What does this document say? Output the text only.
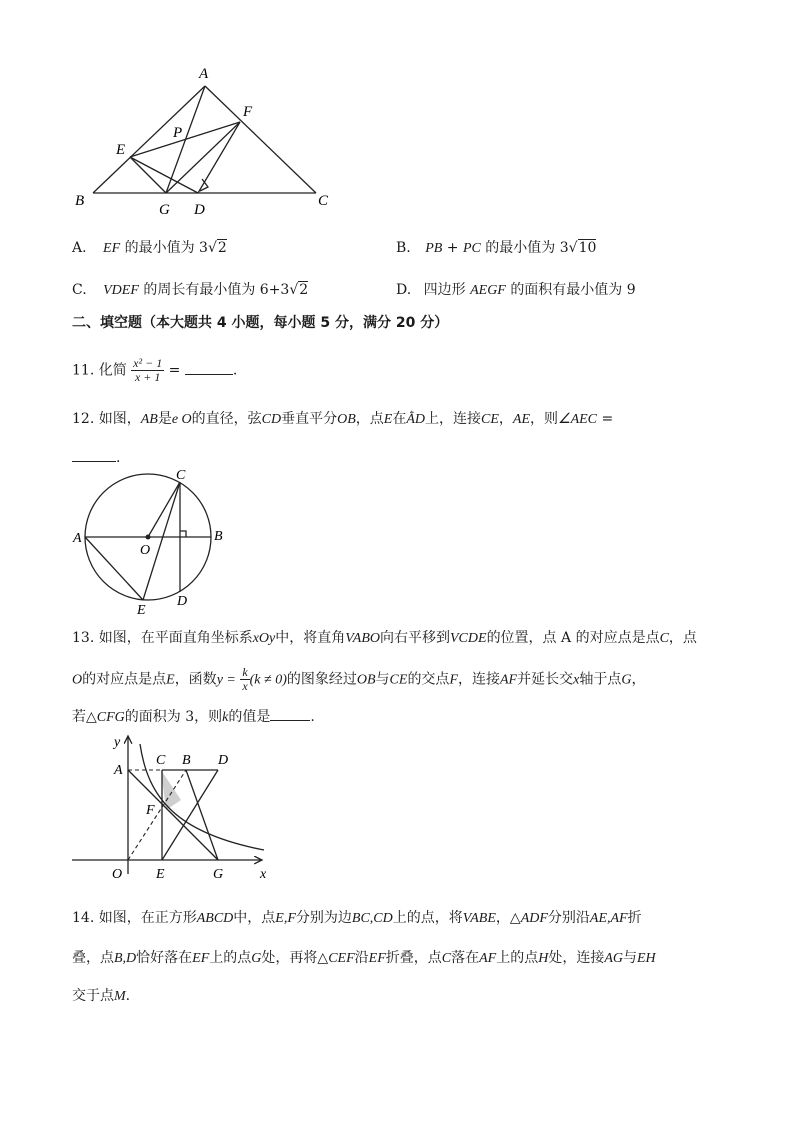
A
F
P
E
B
G D
C
A. EF 的最小值为 3√2	B. PB + PC 的最小值为 3√10
C. VDEF 的周长有最小值为 6+3√2	D. 四边形 AEGF 的面积有最小值为 9
二、填空题（本大题共 4 小题，每小题 5 分，满分 20 分）
11. 化简 $\frac{\text{x² − 1}}{x + 1}$ =	.
12. 如图，AB是e O的直径，弦CD垂直平分OB，点E在ẰD上，连接CE，AE，则∠AEC =
.
C
A	B
O
D
E
13. 如图，在平面直角坐标系xOy中，将直角VABO向右平移到VCDE的位置，点 A 的对应点是点C，点
O的对应点是点E，函数$y = \frac{k}{x} (k \ne 0)$的图象经过OB与CE的交点F，连接AF并延长交x轴于点G，
若△CFG的面积为 3，则k的值是	.
y
C B D
A
F
O E	G	x
14. 如图，在正方形ABCD中，点E,F分别为边BC,CD上的点，将VABE，△ADF分别沿AE,AF折
叠，点B,D恰好落在EF上的点G处，再将△CEF沿EF折叠，点C落在AF上的点H处，连接AG与EH
交于点M.
